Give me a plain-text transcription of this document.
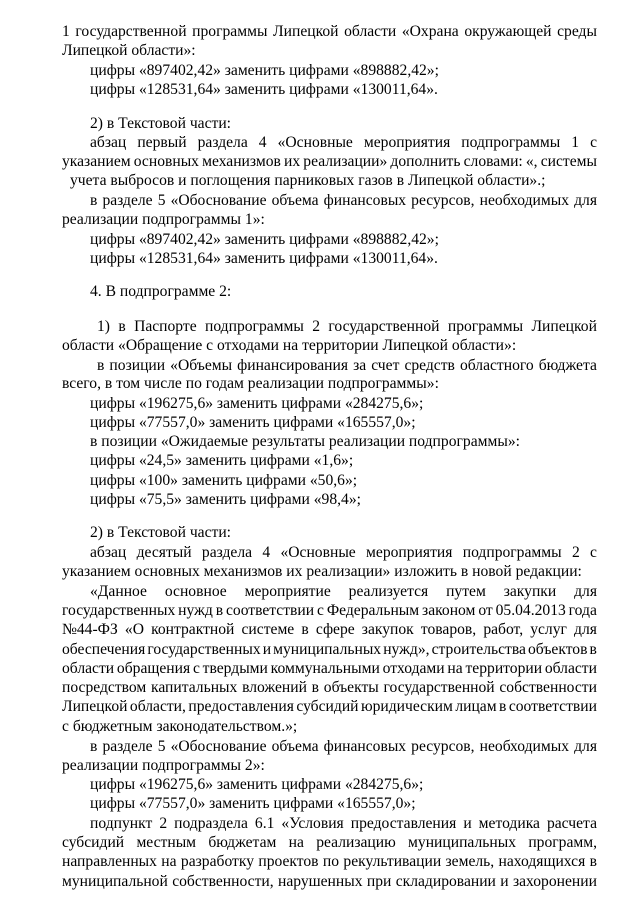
1 государственной программы Липецкой области «Охрана окружающей среды
Липецкой области»:
цифры «897402,42» заменить цифрами «898882,42»;
цифры «128531,64» заменить цифрами «130011,64».
2) в Текстовой части:
абзац первый раздела 4 «Основные мероприятия подпрограммы 1 с
указанием основных механизмов их реализации» дополнить словами: «, системы
учета выбросов и поглощения парниковых газов в Липецкой области».;
в разделе 5 «Обоснование объема финансовых ресурсов, необходимых для
реализации подпрограммы 1»:
цифры «897402,42» заменить цифрами «898882,42»;
цифры «128531,64» заменить цифрами «130011,64».
4. В подпрограмме 2:
1) в Паспорте подпрограммы 2 государственной программы Липецкой
области «Обращение с отходами на территории Липецкой области»:
в позиции «Объемы финансирования за счет средств областного бюджета
всего, в том числе по годам реализации подпрограммы»:
цифры «196275,6» заменить цифрами «284275,6»;
цифры «77557,0» заменить цифрами «165557,0»;
в позиции «Ожидаемые результаты реализации подпрограммы»:
цифры «24,5» заменить цифрами «1,6»;
цифры «100» заменить цифрами «50,6»;
цифры «75,5» заменить цифрами «98,4»;
2) в Текстовой части:
абзац десятый раздела 4 «Основные мероприятия подпрограммы 2 с
указанием основных механизмов их реализации» изложить в новой редакции:
«Данное основное мероприятие реализуется путем закупки для
государственных нужд в соответствии с Федеральным законом от 05.04.2013 года
№44-ФЗ «О контрактной системе в сфере закупок товаров, работ, услуг для
обеспечения государственных и муниципальных нужд», строительства объектов в
области обращения с твердыми коммунальными отходами на территории области
посредством капитальных вложений в объекты государственной собственности
Липецкой области, предоставления субсидий юридическим лицам в соответствии
с бюджетным законодательством.»;
в разделе 5 «Обоснование объема финансовых ресурсов, необходимых для
реализации подпрограммы 2»:
цифры «196275,6» заменить цифрами «284275,6»;
цифры «77557,0» заменить цифрами «165557,0»;
подпункт 2 подраздела 6.1 «Условия предоставления и методика расчета
субсидий местным бюджетам на реализацию муниципальных программ,
направленных на разработку проектов по рекультивации земель, находящихся в
муниципальной собственности, нарушенных при складировании и захоронении
